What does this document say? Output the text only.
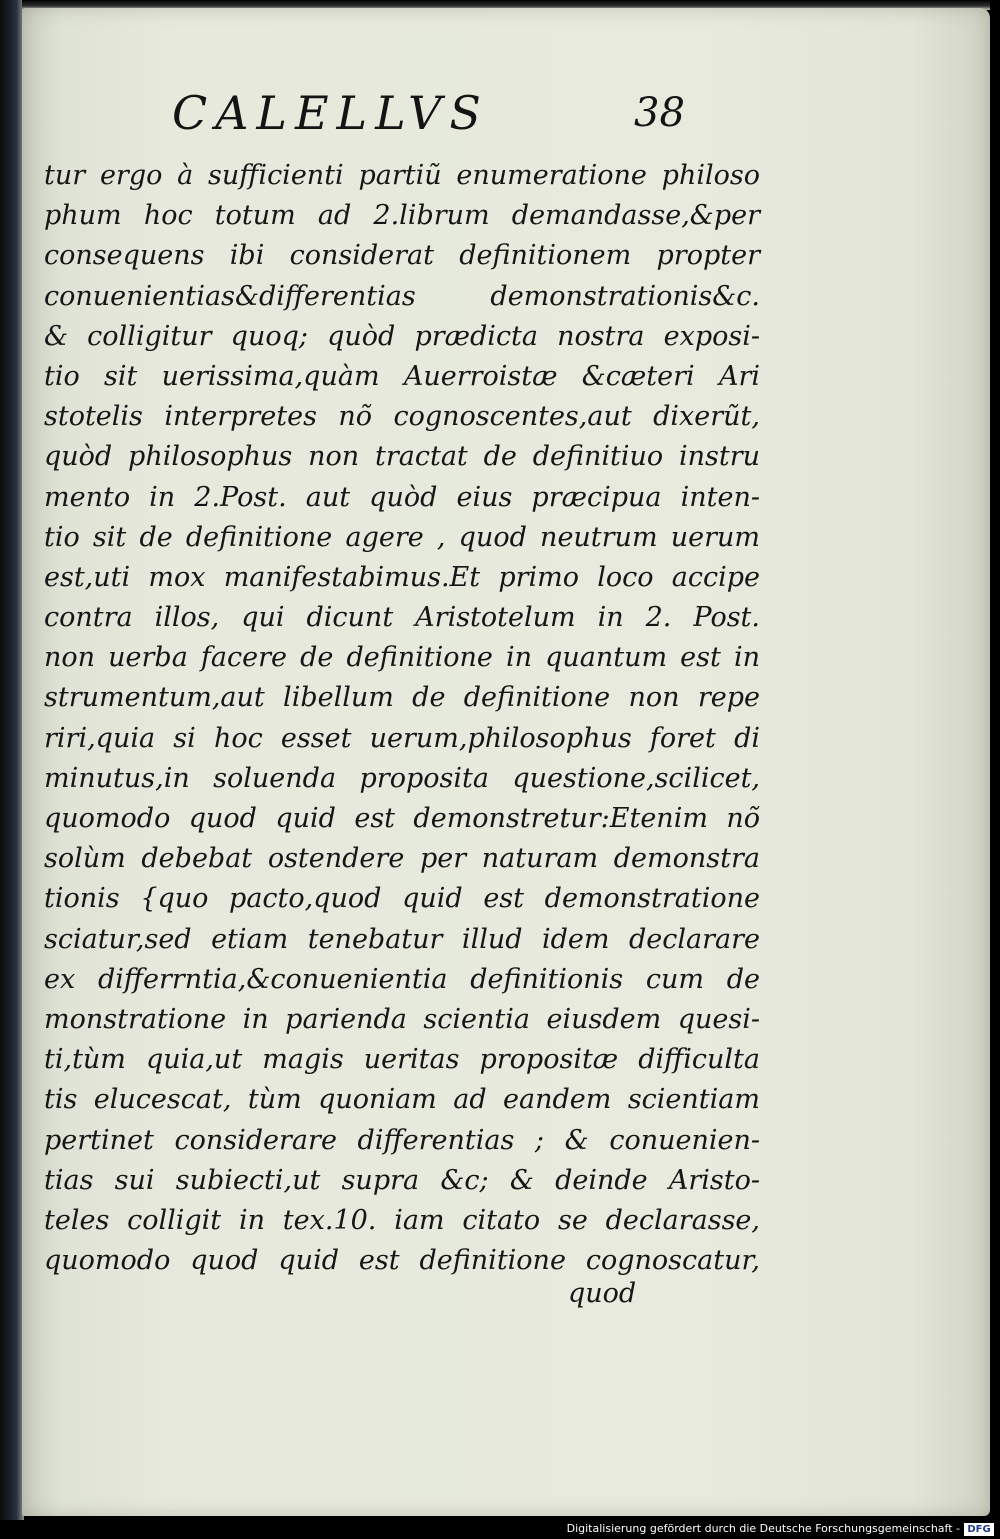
CALELLVS	38
tur ergo à sufficienti partiũ enumeratione philoso
phum hoc totum ad 2.librum demandasse,&per
consequens ibi considerat definitionem propter
conuenientias&differentias demonstrationis&c.
& colligitur quoq; quòd prædicta nostra exposi-
tio sit uerissima,quàm Auerroistæ &cæteri Ari
stotelis interpretes nõ cognoscentes,aut dixerũt,
quòd philosophus non tractat de definitiuo instru
mento in 2.Post. aut quòd eius præcipua inten-
tio sit de definitione agere , quod neutrum uerum
est,uti mox manifestabimus.Et primo loco accipe
contra illos, qui dicunt Aristotelum in 2. Post.
non uerba facere de definitione in quantum est in
strumentum,aut libellum de definitione non repe
riri,quia si hoc esset uerum,philosophus foret di
minutus,in soluenda proposita questione,scilicet,
quomodo quod quid est demonstretur:Etenim nõ
solùm debebat ostendere per naturam demonstra
tionis {quo pacto,quod quid est demonstratione
sciatur,sed etiam tenebatur illud idem declarare
ex differrntia,&conuenientia definitionis cum de
monstratione in parienda scientia eiusdem quesi-
ti,tùm quia,ut magis ueritas propositæ difficulta
tis elucescat, tùm quoniam ad eandem scientiam
pertinet considerare differentias ; & conuenien-
tias sui subiecti,ut supra &c; & deinde Aristo-
teles colligit in tex.10. iam citato se declarasse,
quomodo quod quid est definitione cognoscatur,
quod
Digitalisierung gefördert durch die Deutsche Forschungsgemeinschaft - DFG
